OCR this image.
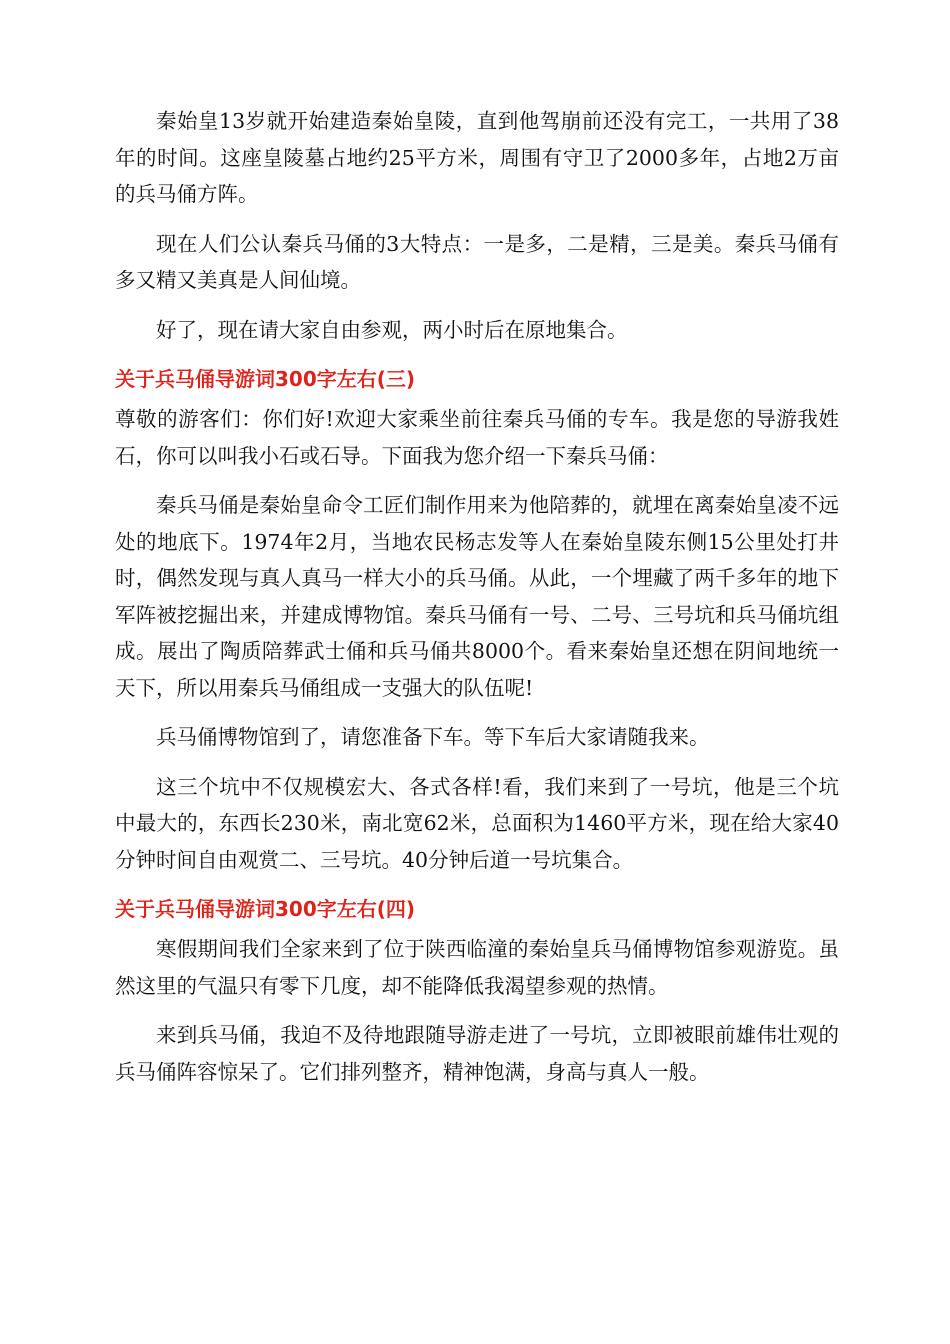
秦始皇13岁就开始建造秦始皇陵，直到他驾崩前还没有完工，一共用了38年的时间。这座皇陵墓占地约25平方米，周围有守卫了2000多年，占地2万亩的兵马俑方阵。

现在人们公认秦兵马俑的3大特点：一是多，二是精，三是美。秦兵马俑有多又精又美真是人间仙境。

好了，现在请大家自由参观，两小时后在原地集合。

关于兵马俑导游词300字左右(三)

尊敬的游客们：你们好!欢迎大家乘坐前往秦兵马俑的专车。我是您的导游我姓石，你可以叫我小石或石导。下面我为您介绍一下秦兵马俑：

秦兵马俑是秦始皇命令工匠们制作用来为他陪葬的，就埋在离秦始皇凌不远处的地底下。1974年2月，当地农民杨志发等人在秦始皇陵东侧15公里处打井时，偶然发现与真人真马一样大小的兵马俑。从此，一个埋藏了两千多年的地下军阵被挖掘出来，并建成博物馆。秦兵马俑有一号、二号、三号坑和兵马俑坑组成。展出了陶质陪葬武士俑和兵马俑共8000个。看来秦始皇还想在阴间地统一天下，所以用秦兵马俑组成一支强大的队伍呢!

兵马俑博物馆到了，请您准备下车。等下车后大家请随我来。

这三个坑中不仅规模宏大、各式各样!看，我们来到了一号坑，他是三个坑中最大的，东西长230米，南北宽62米，总面积为1460平方米，现在给大家40分钟时间自由观赏二、三号坑。40分钟后道一号坑集合。

关于兵马俑导游词300字左右(四)

寒假期间我们全家来到了位于陕西临潼的秦始皇兵马俑博物馆参观游览。虽然这里的气温只有零下几度，却不能降低我渴望参观的热情。

来到兵马俑，我迫不及待地跟随导游走进了一号坑，立即被眼前雄伟壮观的兵马俑阵容惊呆了。它们排列整齐，精神饱满，身高与真人一般。
